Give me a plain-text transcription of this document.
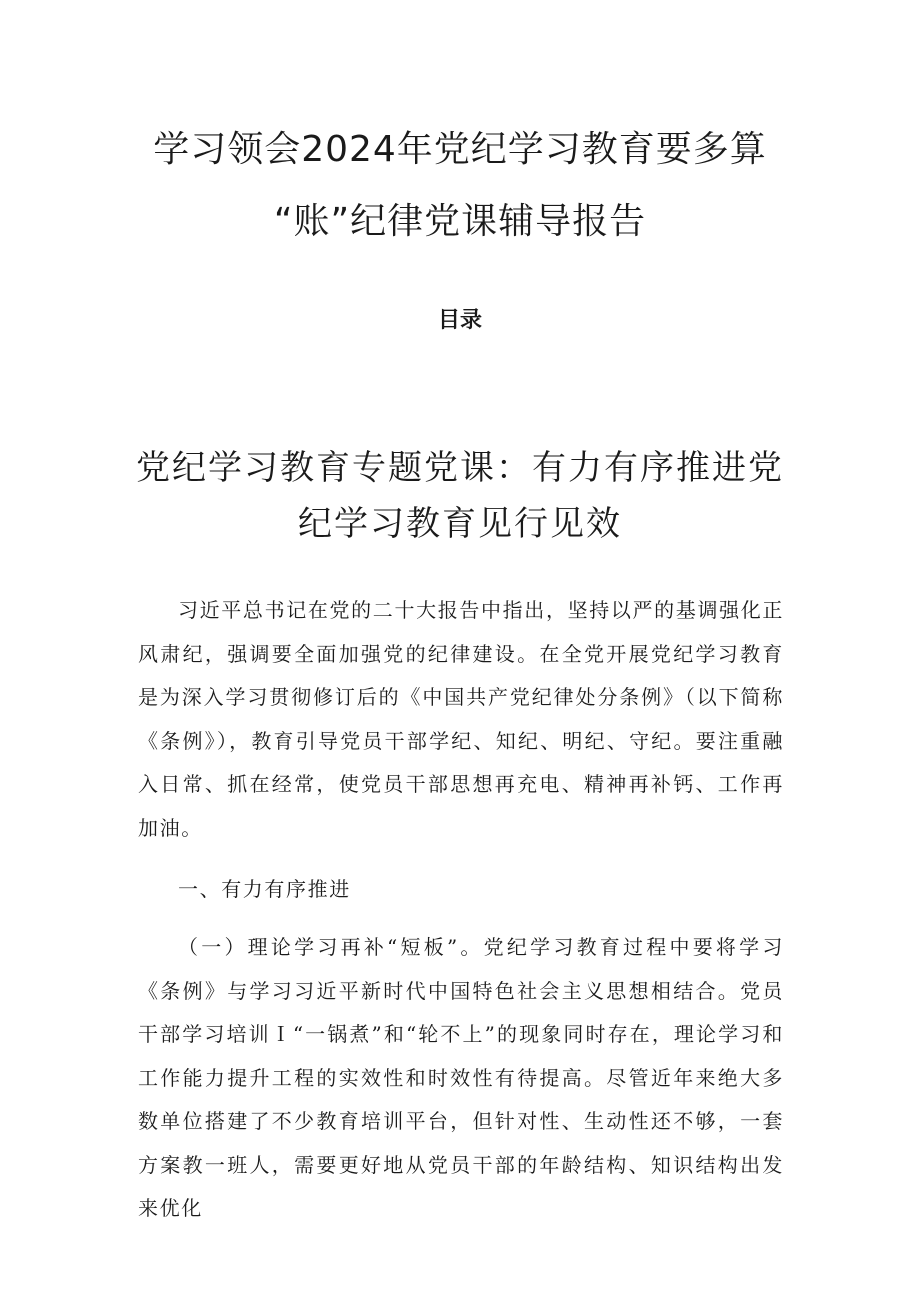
学习领会2024年党纪学习教育要多算
“账”纪律党课辅导报告
目录
党纪学习教育专题党课：有力有序推进党
纪学习教育见行见效

习近平总书记在党的二十大报告中指出，坚持以严的基调强化正风肃纪，强调要全面加强党的纪律建设。在全党开展党纪学习教育是为深入学习贯彻修订后的《中国共产党纪律处分条例》（以下简称《条例》），教育引导党员干部学纪、知纪、明纪、守纪。要注重融入日常、抓在经常，使党员干部思想再充电、精神再补钙、工作再加油。

一、有力有序推进

（一）理论学习再补“短板”。党纪学习教育过程中要将学习《条例》与学习习近平新时代中国特色社会主义思想相结合。党员干部学习培训Ｉ“一锅煮”和“轮不上”的现象同时存在，理论学习和工作能力提升工程的实效性和时效性有待提高。尽管近年来绝大多数单位搭建了不少教育培训平台，但针对性、生动性还不够，一套方案教一班人，需要更好地从党员干部的年龄结构、知识结构出发来优化
